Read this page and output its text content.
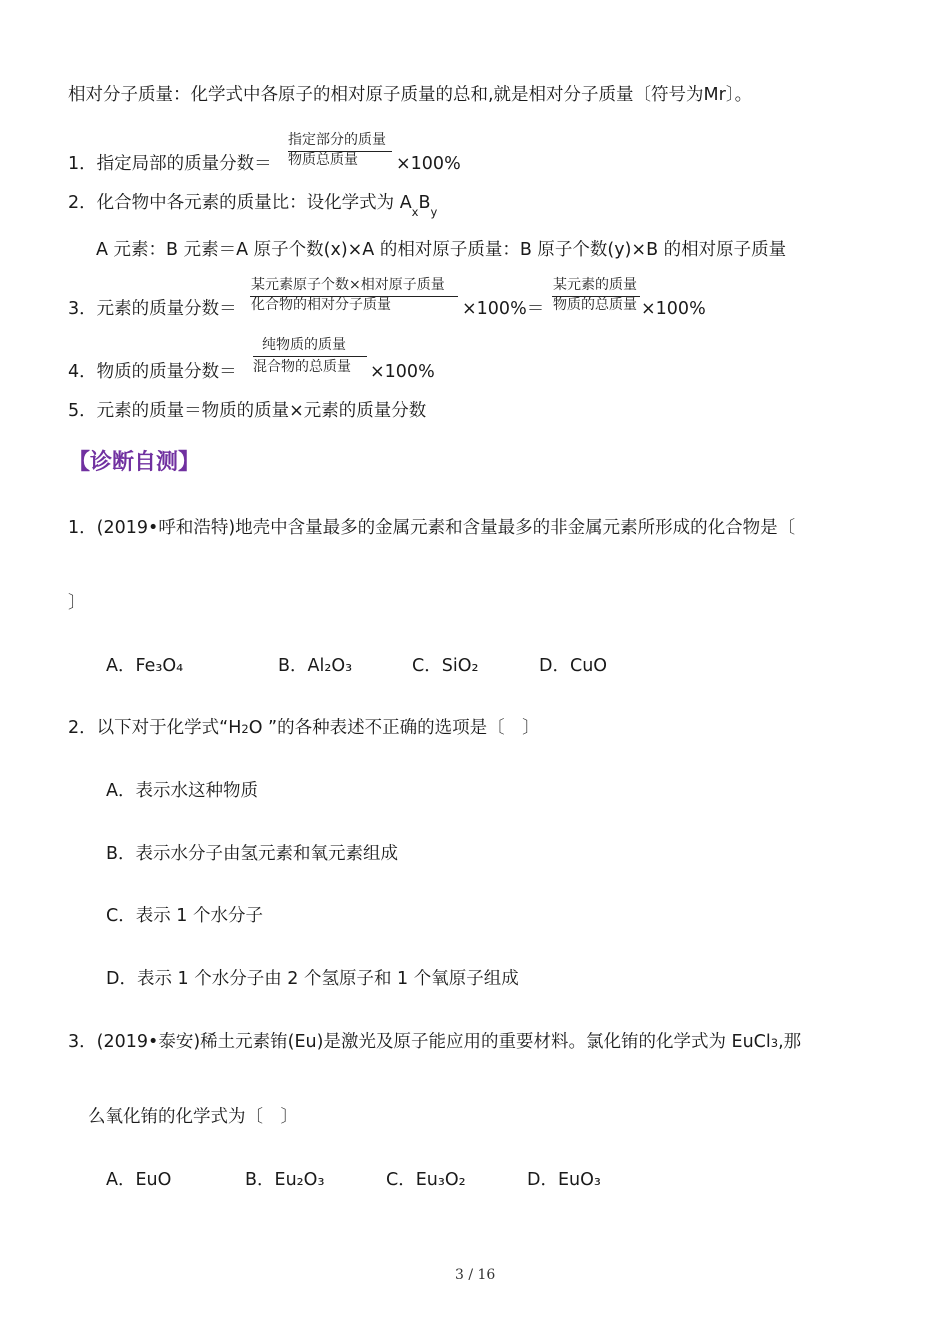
相对分子质量：化学式中各原子的相对原子质量的总和,就是相对分子质量〔符号为Mr〕。
指定部分的质量
物质总质量
1．指定局部的质量分数＝	×100%
2．化合物中各元素的质量比：设化学式为 $A_xB_y$
A 元素：B 元素＝A 原子个数(x)×A 的相对原子质量：B 原子个数(y)×B 的相对原子质量
某元素原子个数×相对原子质量
化合物的相对分子质量
某元素的质量
物质的总质量
3．元素的质量分数＝	×100%＝	×100%
纯物质的质量
混合物的总质量
4．物质的质量分数＝	×100%
5．元素的质量＝物质的质量×元素的质量分数
【诊断自测】
1．(2019•呼和浩特)地壳中含量最多的金属元素和含量最多的非金属元素所形成的化合物是〔
〕
A．Fe₃O₄	B．Al₂O₃	C．SiO₂	D．CuO
2．以下对于化学式“H2O ”的各种表述不正确的选项是〔　〕
A．表示水这种物质
B．表示水分子由氢元素和氧元素组成
C．表示 1 个水分子
D．表示 1 个水分子由 2 个氢原子和 1 个氧原子组成
3．(2019•泰安)稀土元素铕(Eu)是激光及原子能应用的重要材料。氯化铕的化学式为 EuCl3,那
么氧化铕的化学式为〔　〕
A．EuO	B．Eu₂O₃	C．Eu₃O₂	D．EuO₃
3 / 16
